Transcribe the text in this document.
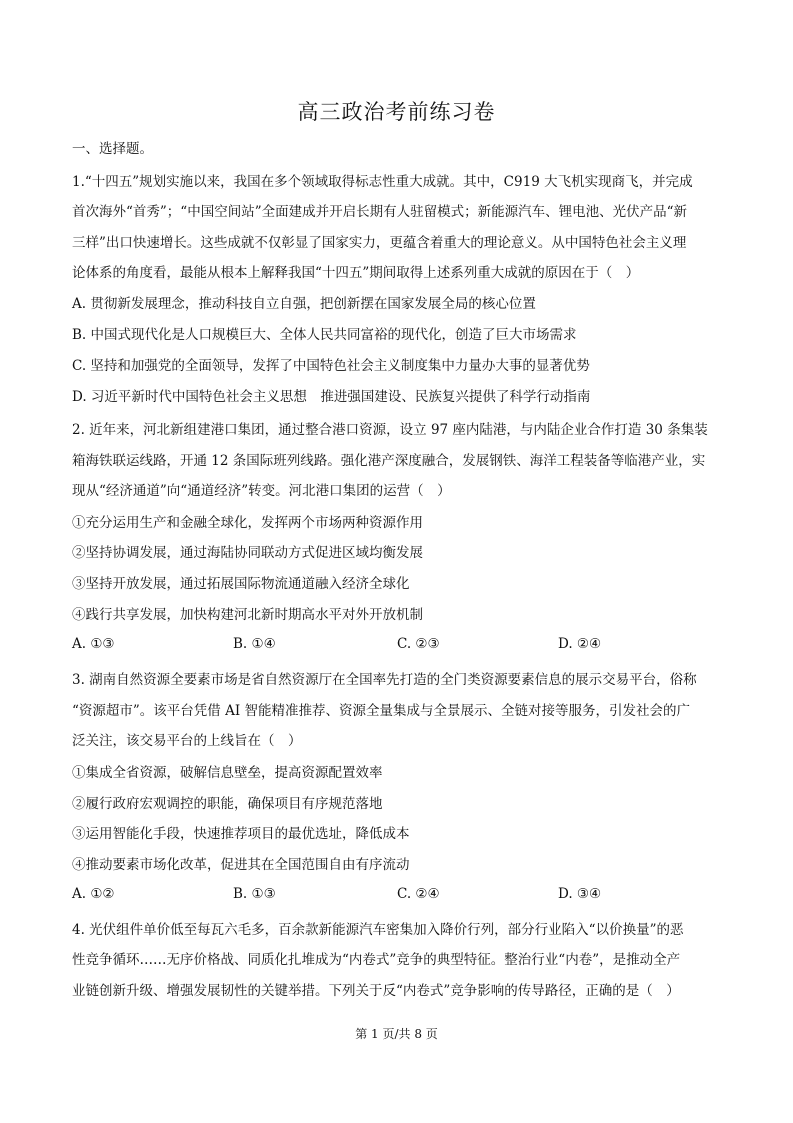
高三政治考前练习卷
一、选择题。
1.“十四五”规划实施以来，我国在多个领域取得标志性重大成就。其中，C919 大飞机实现商飞，并完成
首次海外“首秀”；“中国空间站”全面建成并开启长期有人驻留模式；新能源汽车、锂电池、光伏产品“新
三样”出口快速增长。这些成就不仅彰显了国家实力，更蕴含着重大的理论意义。从中国特色社会主义理
论体系的角度看，最能从根本上解释我国“十四五”期间取得上述系列重大成就的原因在于（　）
A. 贯彻新发展理念，推动科技自立自强，把创新摆在国家发展全局的核心位置
B. 中国式现代化是人口规模巨大、全体人民共同富裕的现代化，创造了巨大市场需求
C. 坚持和加强党的全面领导，发挥了中国特色社会主义制度集中力量办大事的显著优势
D. 习近平新时代中国特色社会主义思想　推进强国建设、民族复兴提供了科学行动指南
2. 近年来，河北新组建港口集团，通过整合港口资源，设立 97 座内陆港，与内陆企业合作打造 30 条集装
箱海铁联运线路，开通 12 条国际班列线路。强化港产深度融合，发展钢铁、海洋工程装备等临港产业，实
现从“经济通道”向“通道经济”转变。河北港口集团的运营（　）
①充分运用生产和金融全球化，发挥两个市场两种资源作用
②坚持协调发展，通过海陆协同联动方式促进区域均衡发展
③坚持开放发展，通过拓展国际物流通道融入经济全球化
④践行共享发展，加快构建河北新时期高水平对外开放机制
A. ①③	B. ①④	C. ②③	D. ②④
3. 湖南自然资源全要素市场是省自然资源厅在全国率先打造的全门类资源要素信息的展示交易平台，俗称
“资源超市”。该平台凭借 AI 智能精准推荐、资源全量集成与全景展示、全链对接等服务，引发社会的广
泛关注，该交易平台的上线旨在（　）
①集成全省资源，破解信息壁垒，提高资源配置效率
②履行政府宏观调控的职能，确保项目有序规范落地
③运用智能化手段，快速推荐项目的最优选址，降低成本
④推动要素市场化改革，促进其在全国范围自由有序流动
A. ①②	B. ①③	C. ②④	D. ③④
4. 光伏组件单价低至每瓦六毛多，百余款新能源汽车密集加入降价行列，部分行业陷入“以价换量”的恶
性竞争循环……无序价格战、同质化扎堆成为“内卷式”竞争的典型特征。整治行业“内卷”，是推动全产
业链创新升级、增强发展韧性的关键举措。下列关于反“内卷式”竞争影响的传导路径，正确的是（　）
第 1 页/共 8 页
